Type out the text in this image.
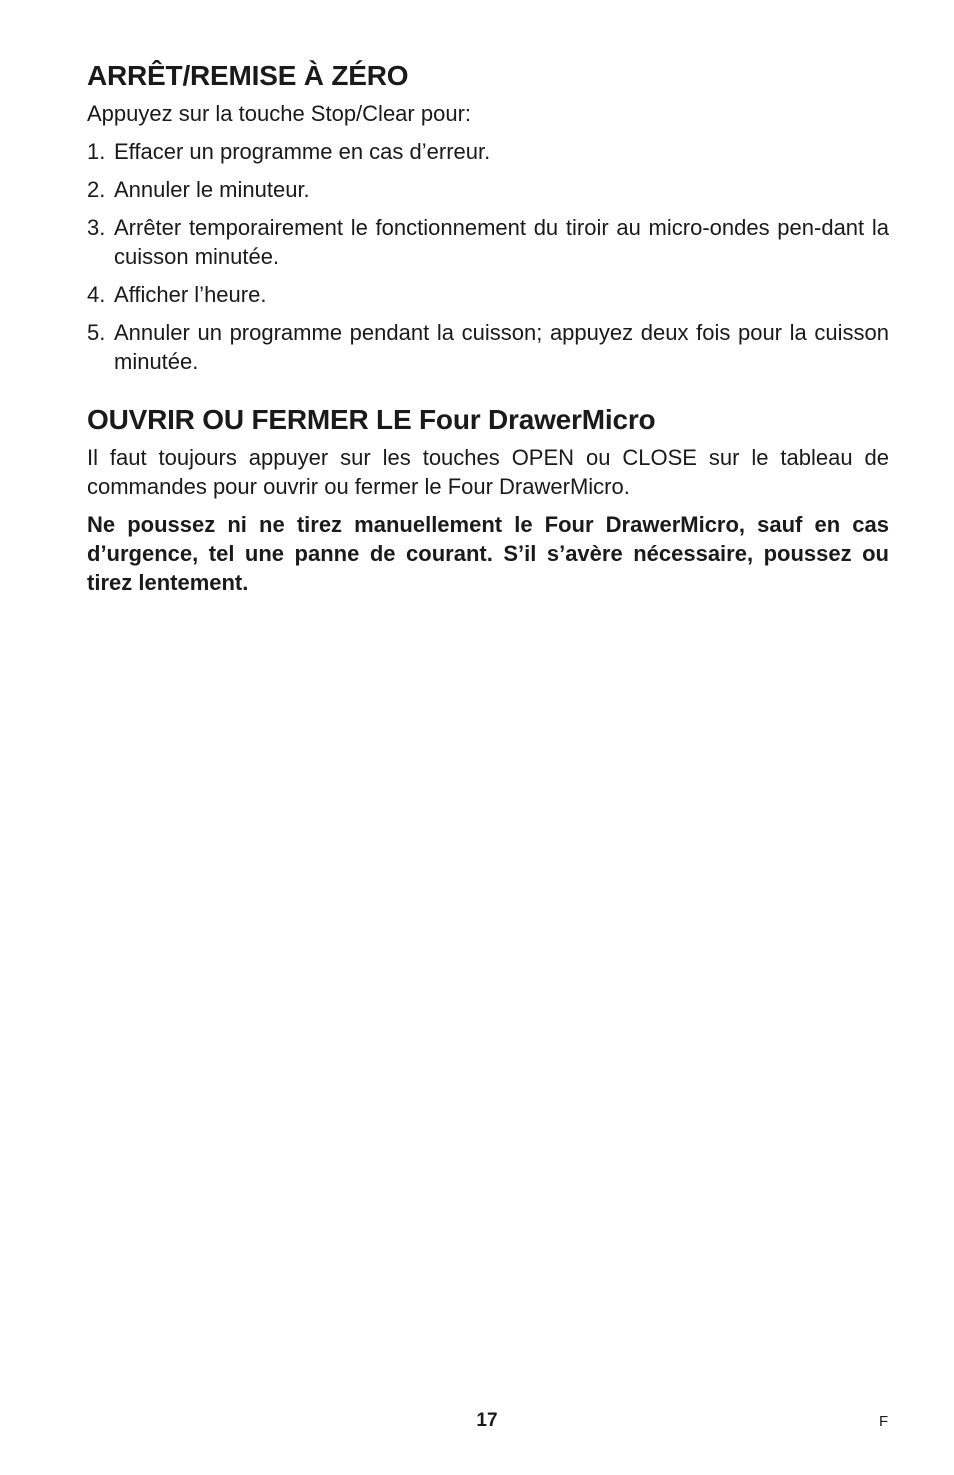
ARRÊT/REMISE À ZÉRO

Appuyez sur la touche Stop/Clear pour:

1. Effacer un programme en cas d’erreur.
2. Annuler le minuteur.
3. Arrêter temporairement le fonctionnement du tiroir au micro-ondes pen-dant la cuisson minutée.
4. Afficher l’heure.
5. Annuler un programme pendant la cuisson; appuyez deux fois pour la cuisson minutée.
OUVRIR OU FERMER LE Four DrawerMicro

Il faut toujours appuyer sur les touches OPEN ou CLOSE sur le tableau de commandes pour ouvrir ou fermer le Four DrawerMicro.

Ne poussez ni ne tirez manuellement le Four DrawerMicro, sauf en cas d’urgence, tel une panne de courant. S’il s’avère nécessaire, poussez ou tirez lentement.

17	F
